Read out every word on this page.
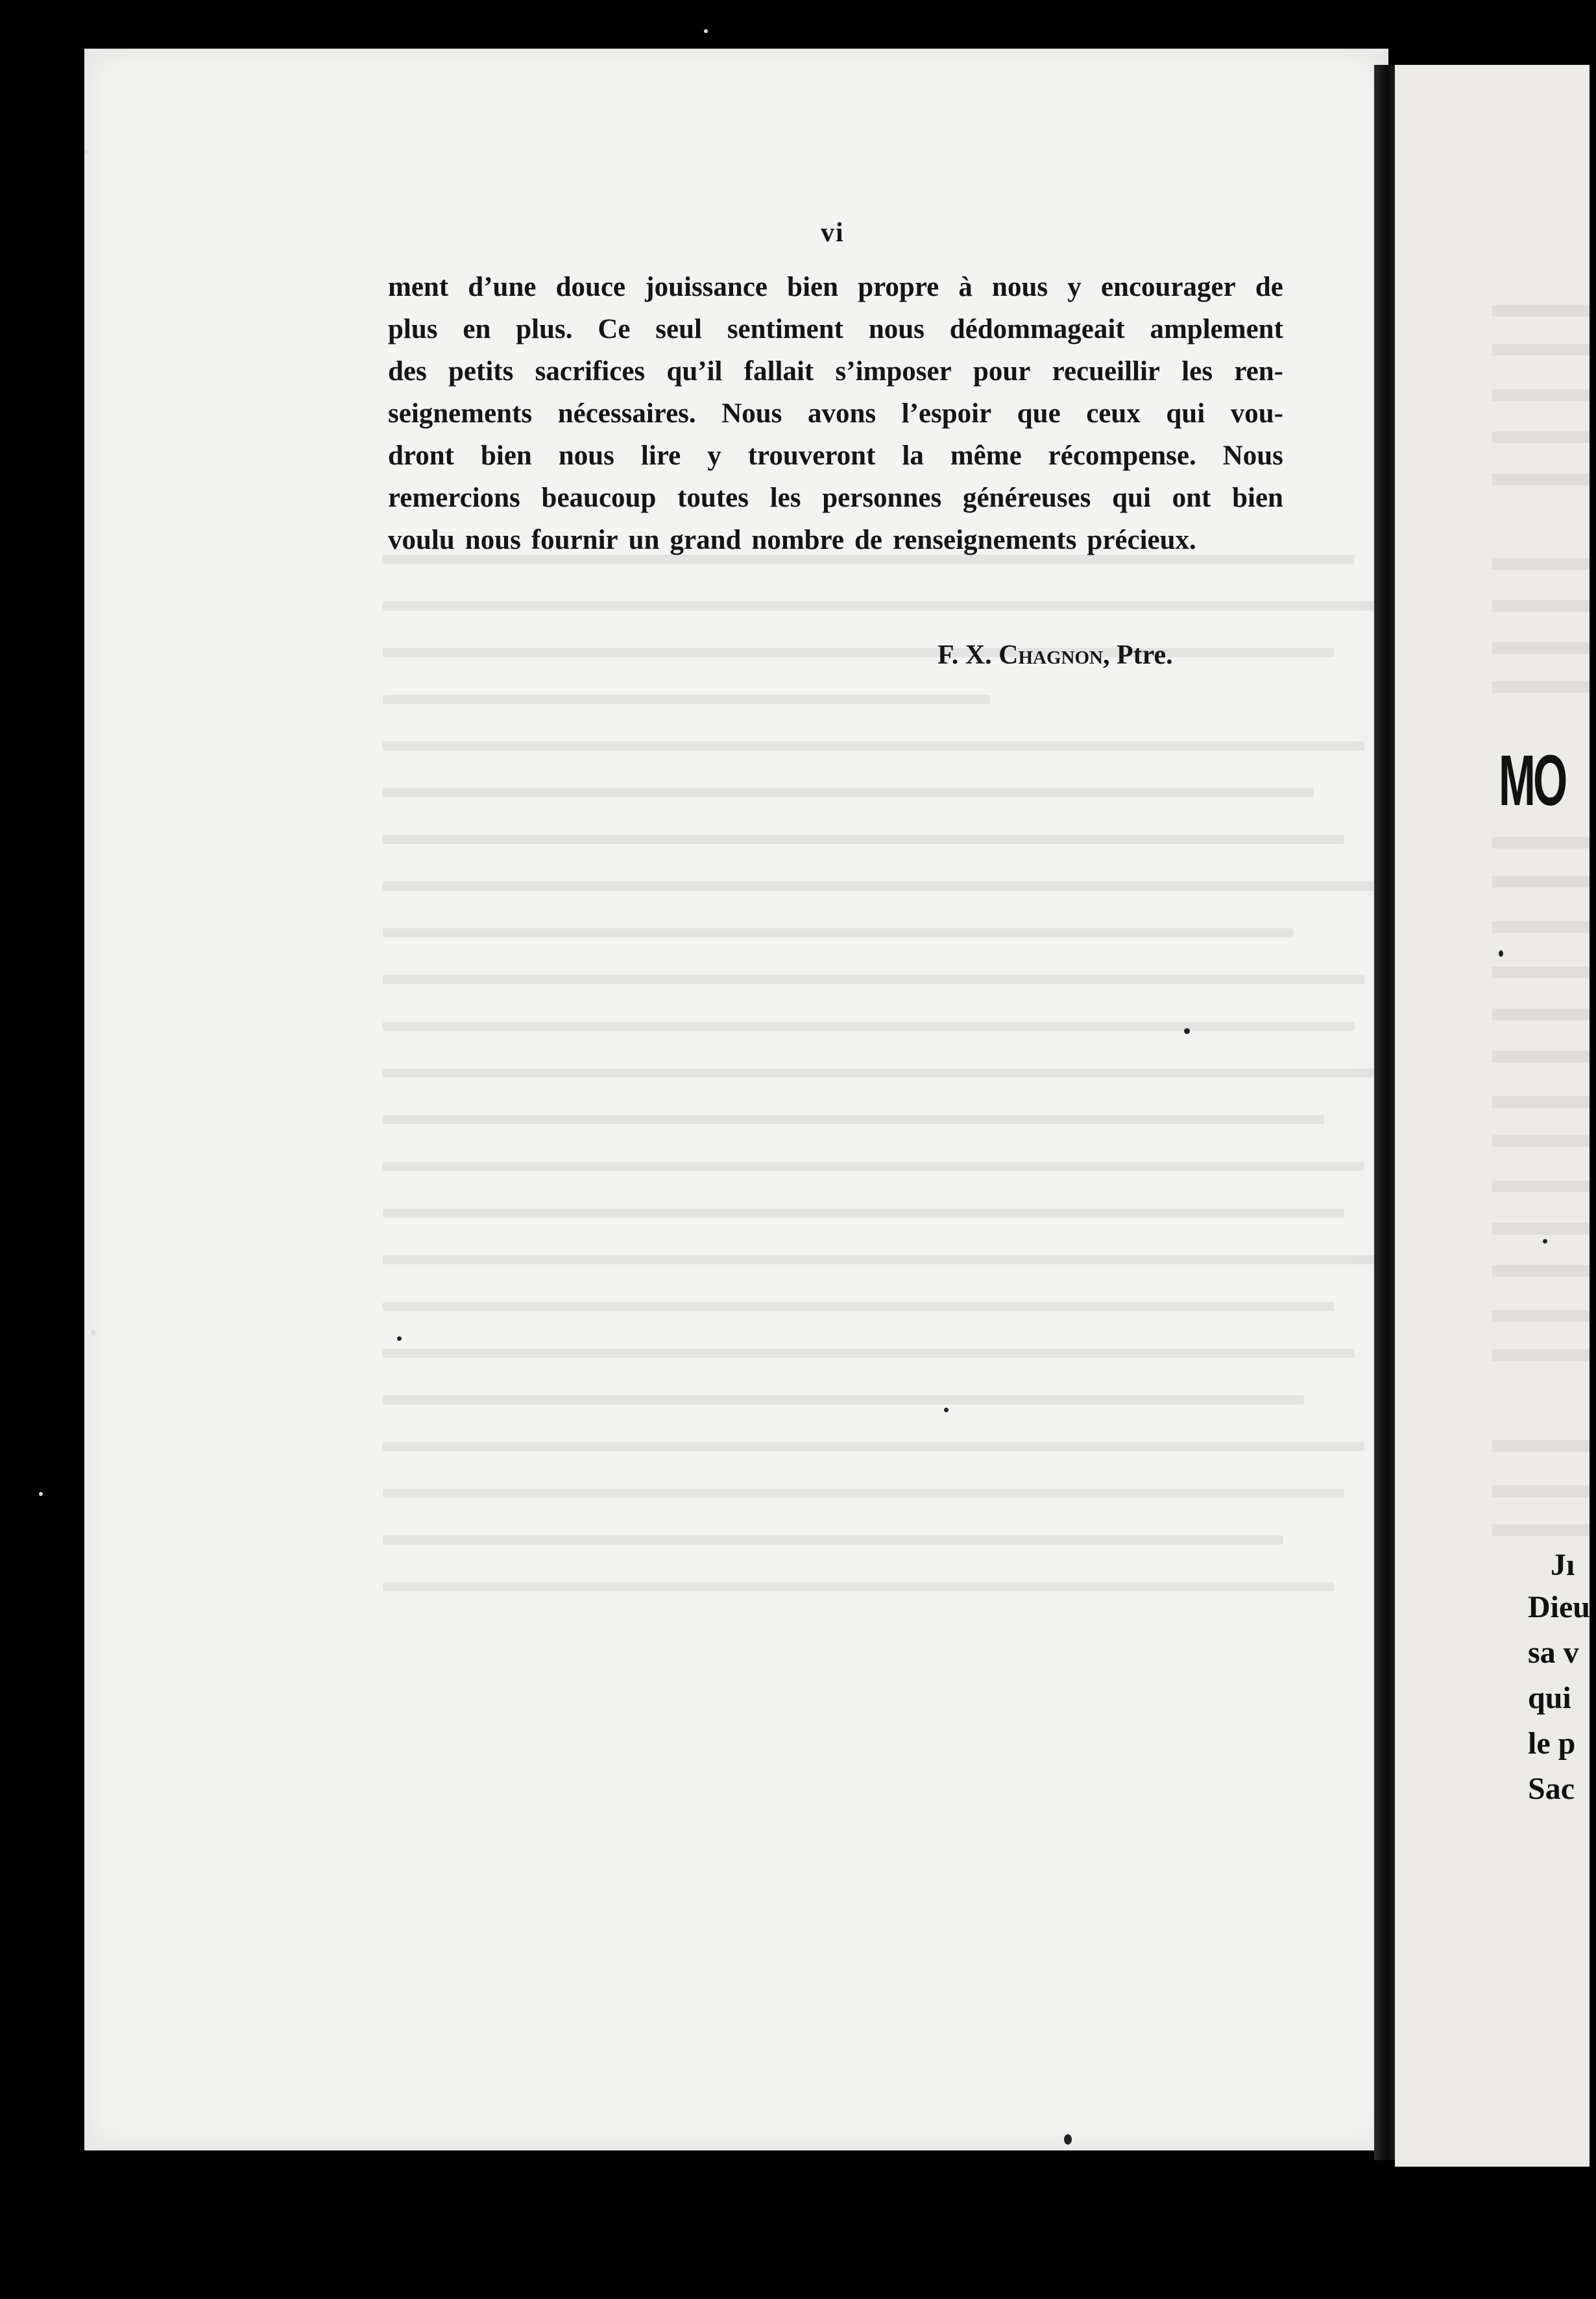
vi
ment d’une douce jouissance bien propre à nous y encourager de
plus en plus. Ce seul sentiment nous dédommageait amplement
des petits sacrifices qu’il fallait s’imposer pour recueillir les ren-
seignements nécessaires. Nous avons l’espoir que ceux qui vou-
dront bien nous lire y trouveront la même récompense. Nous
remercions beaucoup toutes les personnes généreuses qui ont bien
voulu nous fournir un grand nombre de renseignements précieux.
F. X. Chagnon, Ptre.
MO
Jı
Dieu
sa v
qui
le p
Sac
